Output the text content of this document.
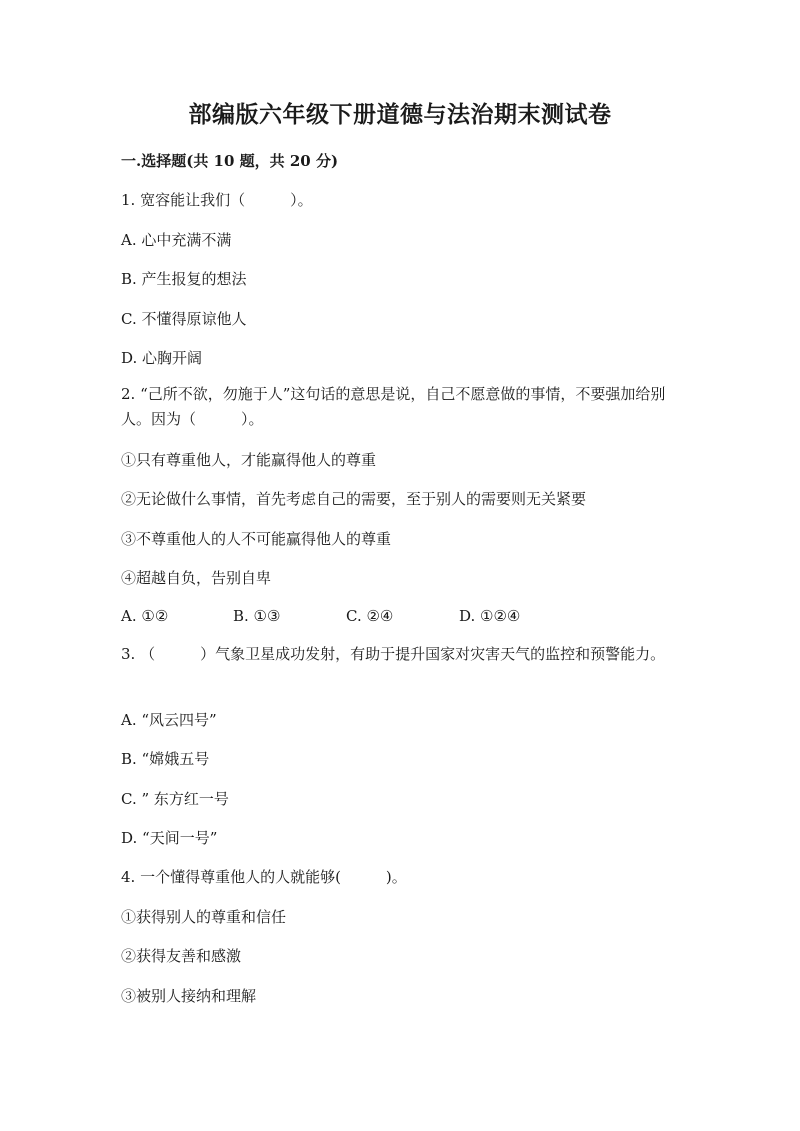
部编版六年级下册道德与法治期末测试卷
一.选择题(共 10 题，共 20 分)
1. 宽容能让我们（　　　）。
A. 心中充满不满
B. 产生报复的想法
C. 不懂得原谅他人
D. 心胸开阔
2. “己所不欲，勿施于人”这句话的意思是说，自己不愿意做的事情，不要强加给别人。因为（　　　）。
①只有尊重他人，才能赢得他人的尊重
②无论做什么事情，首先考虑自己的需要，至于别人的需要则无关紧要
③不尊重他人的人不可能赢得他人的尊重
④超越自负，告别自卑
A. ①②	B. ①③	C. ②④	D. ①②④
3. （　　　）气象卫星成功发射，有助于提升国家对灾害天气的监控和预警能力。
A. “风云四号”
B. “嫦娥五号
C. ” 东方红一号
D. “天间一号”
4. 一个懂得尊重他人的人就能够(　　　)。
①获得别人的尊重和信任
②获得友善和感激
③被别人接纳和理解
